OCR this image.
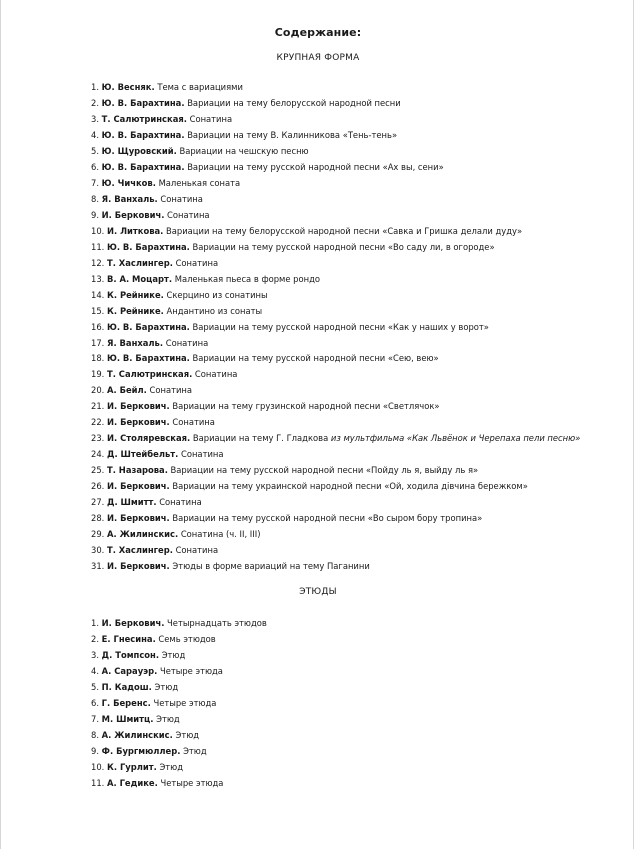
Содержание:
КРУПНАЯ ФОРМА
1. Ю. Весняк. Тема с вариациями
2. Ю. В. Барахтина. Вариации на тему белорусской народной песни
3. Т. Салютринская. Сонатина
4. Ю. В. Барахтина. Вариации на тему В. Калинникова «Тень-тень»
5. Ю. Щуровский. Вариации на чешскую песню
6. Ю. В. Барахтина. Вариации на тему русской народной песни «Ах вы, сени»
7. Ю. Чичков. Маленькая соната
8. Я. Ванхаль. Сонатина
9. И. Беркович. Сонатина
10. И. Литкова. Вариации на тему белорусской народной песни «Савка и Гришка делали дуду»
11. Ю. В. Барахтина. Вариации на тему русской народной песни «Во саду ли, в огороде»
12. Т. Хаслингер. Сонатина
13. В. А. Моцарт. Маленькая пьеса в форме рондо
14. К. Рейнике. Скерцино из сонатины
15. К. Рейнике. Андантино из сонаты
16. Ю. В. Барахтина. Вариации на тему русской народной песни «Как у наших у ворот»
17. Я. Ванхаль. Сонатина
18. Ю. В. Барахтина. Вариации на тему русской народной песни «Сею, вею»
19. Т. Салютринская. Сонатина
20. А. Бейл. Сонатина
21. И. Беркович. Вариации на тему грузинской народной песни «Светлячок»
22. И. Беркович. Сонатина
23. И. Столяревская. Вариации на тему Г. Гладкова из мультфильма «Как Львёнок и Черепаха пели песню»
24. Д. Штейбельт. Сонатина
25. Т. Назарова. Вариации на тему русской народной песни «Пойду ль я, выйду ль я»
26. И. Беркович. Вариации на тему украинской народной песни «Ой, ходила дiвчина бережком»
27. Д. Шмитт. Сонатина
28. И. Беркович. Вариации на тему русской народной песни «Во сыром бору тропина»
29. А. Жилинскис. Сонатина (ч. II, III)
30. Т. Хаслингер. Сонатина
31. И. Беркович. Этюды в форме вариаций на тему Паганини
ЭТЮДЫ
1. И. Беркович. Четырнадцать этюдов
2. Е. Гнесина. Семь этюдов
3. Д. Томпсон. Этюд
4. А. Сарауэр. Четыре этюда
5. П. Кадош. Этюд
6. Г. Беренс. Четыре этюда
7. М. Шмитц. Этюд
8. А. Жилинскис. Этюд
9. Ф. Бургмюллер. Этюд
10. К. Гурлит. Этюд
11. А. Гедике. Четыре этюда
